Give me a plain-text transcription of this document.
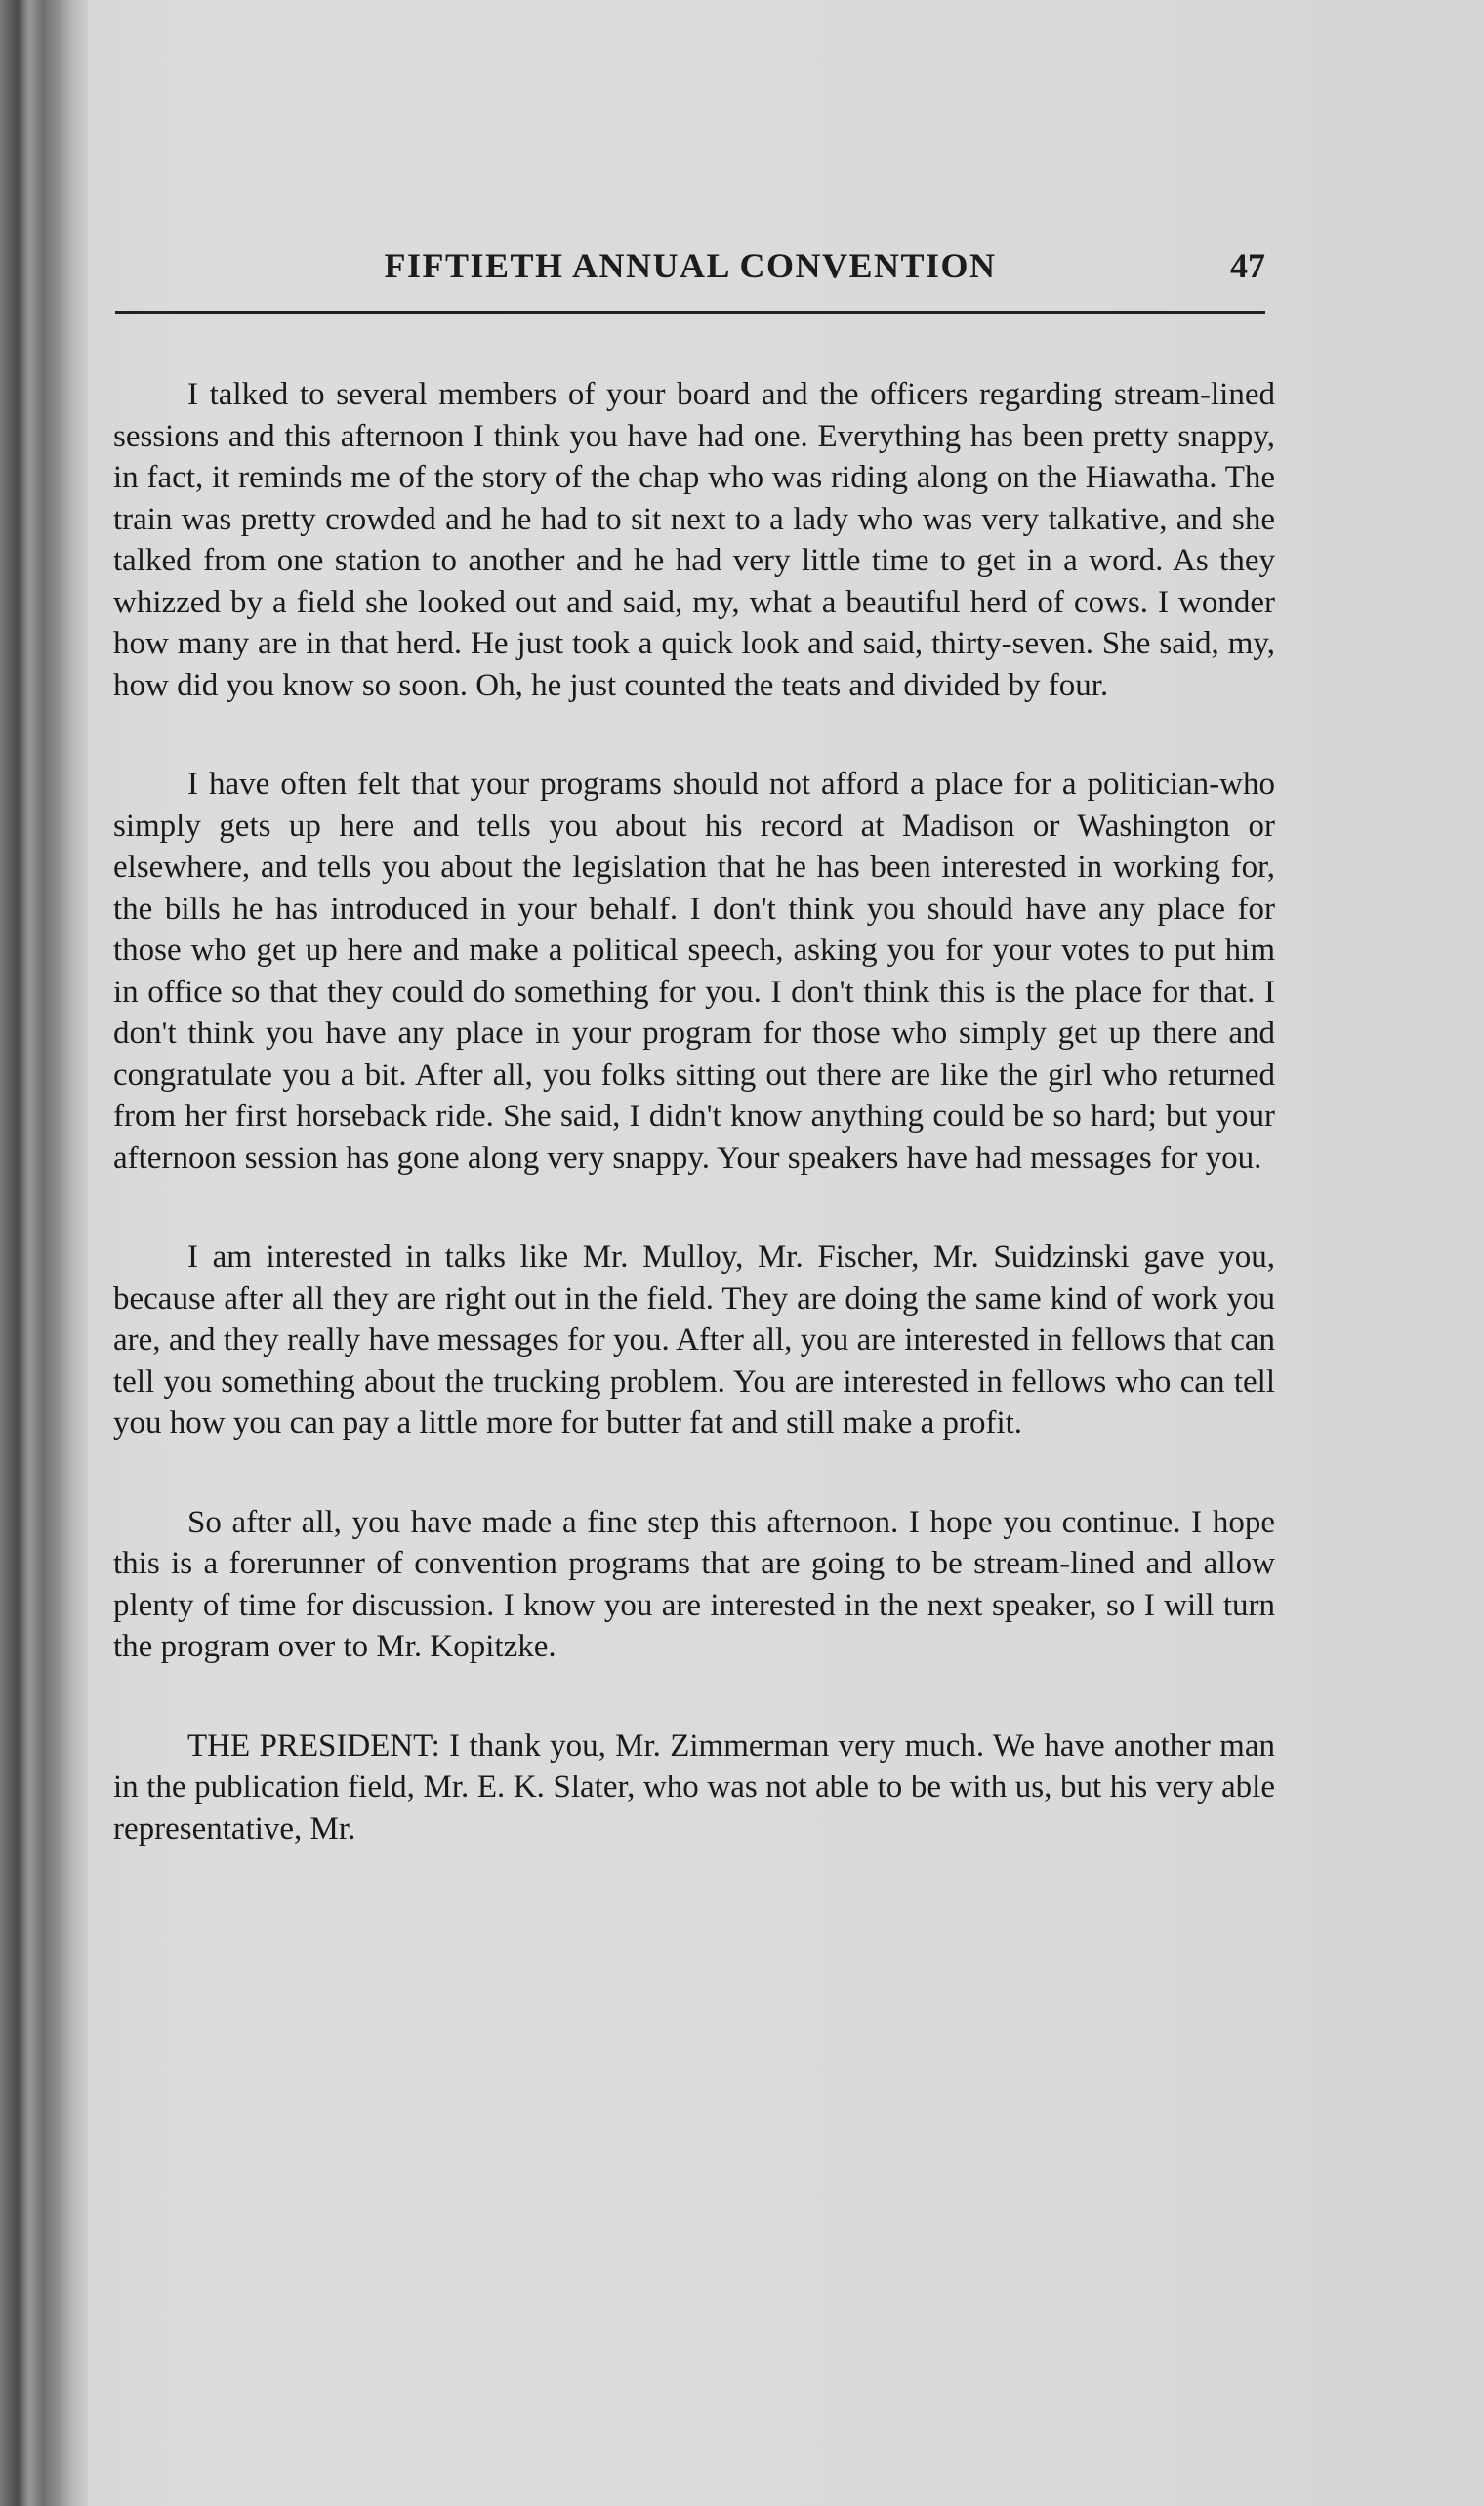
FIFTIETH ANNUAL CONVENTION	47

I talked to several members of your board and the officers regarding stream-lined sessions and this afternoon I think you have had one. Everything has been pretty snappy, in fact, it reminds me of the story of the chap who was riding along on the Hiawatha. The train was pretty crowded and he had to sit next to a lady who was very talkative, and she talked from one station to another and he had very little time to get in a word. As they whizzed by a field she looked out and said, my, what a beautiful herd of cows. I wonder how many are in that herd. He just took a quick look and said, thirty-seven. She said, my, how did you know so soon. Oh, he just counted the teats and divided by four.

I have often felt that your programs should not afford a place for a politician-who simply gets up here and tells you about his record at Madison or Washington or elsewhere, and tells you about the legislation that he has been interested in working for, the bills he has introduced in your behalf. I don't think you should have any place for those who get up here and make a political speech, asking you for your votes to put him in office so that they could do something for you. I don't think this is the place for that. I don't think you have any place in your program for those who simply get up there and congratulate you a bit. After all, you folks sitting out there are like the girl who returned from her first horseback ride. She said, I didn't know anything could be so hard; but your afternoon session has gone along very snappy. Your speakers have had messages for you.

I am interested in talks like Mr. Mulloy, Mr. Fischer, Mr. Suidzinski gave you, because after all they are right out in the field. They are doing the same kind of work you are, and they really have messages for you. After all, you are interested in fellows that can tell you something about the trucking problem. You are interested in fellows who can tell you how you can pay a little more for butter fat and still make a profit.

So after all, you have made a fine step this afternoon. I hope you continue. I hope this is a forerunner of convention programs that are going to be stream-lined and allow plenty of time for discussion. I know you are interested in the next speaker, so I will turn the program over to Mr. Kopitzke.

THE PRESIDENT: I thank you, Mr. Zimmerman very much. We have another man in the publication field, Mr. E. K. Slater, who was not able to be with us, but his very able representative, Mr.
